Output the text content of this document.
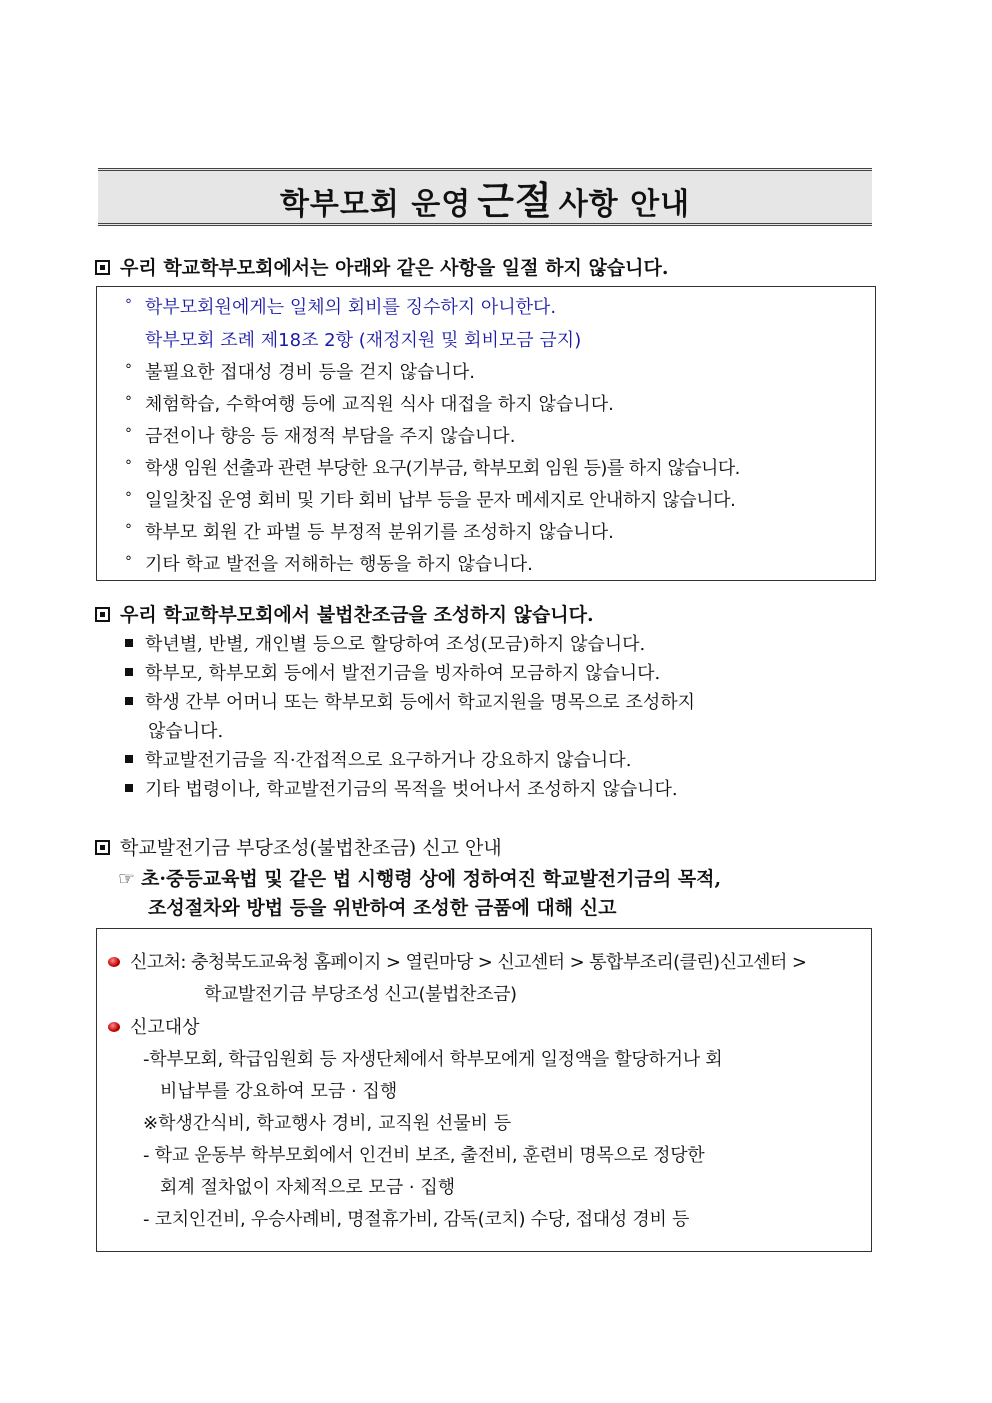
학부모회 운영 근절 사항 안내
우리 학교학부모회에서는 아래와 같은 사항을 일절 하지 않습니다.
° 학부모회원에게는 일체의 회비를 징수하지 아니한다.
학부모회 조례 제18조 2항 (재정지원 및 회비모금 금지)
° 불필요한 접대성 경비 등을 걷지 않습니다.
° 체험학습, 수학여행 등에 교직원 식사 대접을 하지 않습니다.
° 금전이나 향응 등 재정적 부담을 주지 않습니다.
° 학생 임원 선출과 관련 부당한 요구(기부금, 학부모회 임원 등)를 하지 않습니다.
° 일일찻집 운영 회비 및 기타 회비 납부 등을 문자 메세지로 안내하지 않습니다.
° 학부모 회원 간 파벌 등 부정적 분위기를 조성하지 않습니다.
° 기타 학교 발전을 저해하는 행동을 하지 않습니다.
우리 학교학부모회에서 불법찬조금을 조성하지 않습니다.
학년별, 반별, 개인별 등으로 할당하여 조성(모금)하지 않습니다.
학부모, 학부모회 등에서 발전기금을 빙자하여 모금하지 않습니다.
학생 간부 어머니 또는 학부모회 등에서 학교지원을 명목으로 조성하지
않습니다.
학교발전기금을 직·간접적으로 요구하거나 강요하지 않습니다.
기타 법령이나, 학교발전기금의 목적을 벗어나서 조성하지 않습니다.
학교발전기금 부당조성(불법찬조금) 신고 안내
☞ 초·중등교육법 및 같은 법 시행령 상에 정하여진 학교발전기금의 목적,
조성절차와 방법 등을 위반하여 조성한 금품에 대해 신고
신고처: 충청북도교육청 홈페이지 > 열린마당 > 신고센터 > 통합부조리(클린)신고센터 >
학교발전기금 부당조성 신고(불법찬조금)
신고대상
-학부모회, 학급임원회 등 자생단체에서 학부모에게 일정액을 할당하거나 회
비납부를 강요하여 모금 · 집행
※학생간식비, 학교행사 경비, 교직원 선물비 등
- 학교 운동부 학부모회에서 인건비 보조, 출전비, 훈련비 명목으로 정당한
회계 절차없이 자체적으로 모금 · 집행
- 코치인건비, 우승사례비, 명절휴가비, 감독(코치) 수당, 접대성 경비 등
